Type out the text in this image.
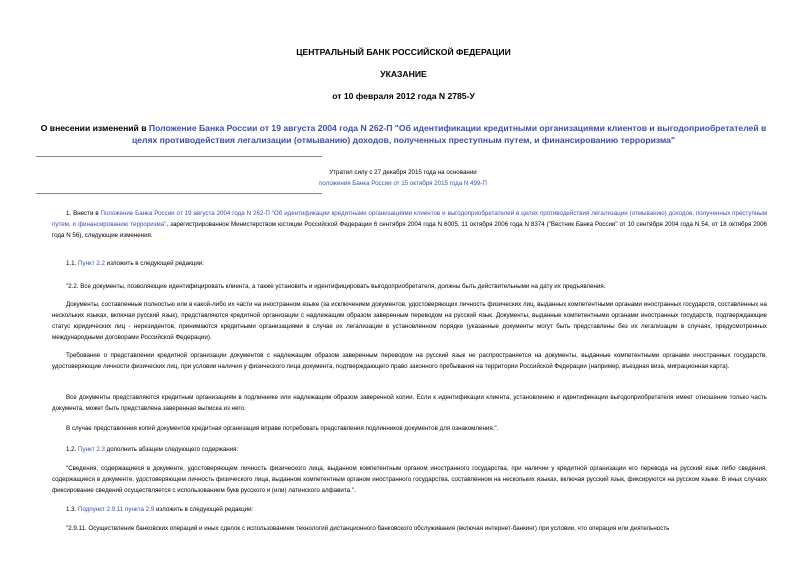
ЦЕНТРАЛЬНЫЙ БАНК РОССИЙСКОЙ ФЕДЕРАЦИИ
УКАЗАНИЕ
от 10 февраля 2012 года N 2785-У
О внесении изменений в Положение Банка России от 19 августа 2004 года N 262-П "Об идентификации кредитными организациями клиентов и выгодоприобретателей в целях противодействия легализации (отмыванию) доходов, полученных преступным путем, и финансированию терроризма"
Утратил силу с 27 декабря 2015 года на основании
положения Банка России от 15 октября 2015 года N 499-П
1. Внести в Положение Банка России от 19 августа 2004 года N 262-П "Об идентификации кредитными организациями клиентов и выгодоприобретателей в целях противодействия легализации (отмыванию) доходов, полученных преступным путем, и финансированию терроризма", зарегистрированное Министерством юстиции Российской Федерации 6 сентября 2004 года N 6005, 11 октября 2006 года N 8374 ("Вестник Банка России" от 10 сентября 2004 года N 54, от 18 октября 2006 года N 56), следующие изменения.
1.1. Пункт 2.2 изложить в следующей редакции:
"2.2. Все документы, позволяющие идентифицировать клиента, а также установить и идентифицировать выгодоприобретателя, должны быть действительными на дату их предъявления.
Документы, составленные полностью или в какой-либо их части на иностранном языке (за исключением документов, удостоверяющих личность физических лиц, выданных компетентными органами иностранных государств, составленных на нескольких языках, включая русский язык), представляются кредитной организации с надлежащим образом заверенным переводом на русский язык. Документы, выданные компетентными органами иностранных государств, подтверждающие статус юридических лиц - нерезидентов, принимаются кредитными организациями в случае их легализации в установленном порядке (указанные документы могут быть представлены без их легализации в случаях, предусмотренных международными договорами Российской Федерации).
Требование о представлении кредитной организации документов с надлежащим образом заверенным переводом на русский язык не распространяется на документы, выданные компетентными органами иностранных государств, удостоверяющие личности физических лиц, при условии наличия у физического лица документа, подтверждающего право законного пребывания на территории Российской Федерации (например, въездная виза, миграционная карта).
Все документы представляются кредитным организациям в подлиннике или надлежащим образом заверенной копии. Если к идентификации клиента, установлению и идентификации выгодоприобретателя имеет отношение только часть документа, может быть представлена заверенная выписка из него.
В случае представления копий документов кредитная организация вправе потребовать представления подлинников документов для ознакомления.".
1.2. Пункт 2.3 дополнить абзацем следующего содержания:
"Сведения, содержащиеся в документе, удостоверяющем личность физического лица, выданном компетентным органом иностранного государства, при наличии у кредитной организации его перевода на русский язык либо сведения, содержащиеся в документе, удостоверяющем личность физического лица, выданном компетентным органом иностранного государства, составленном на нескольких языках, включая русский язык, фиксируются на русском языке. В иных случаях фиксирование сведений осуществляется с использованием букв русского и (или) латинского алфавита.".
1.3. Подпункт 2.9.11 пункта 2.9 изложить в следующей редакции:
"2.9.11. Осуществление банковских операций и иных сделок с использованием технологий дистанционного банковского обслуживания (включая интернет-банкинг) при условии, что операция или деятельность
